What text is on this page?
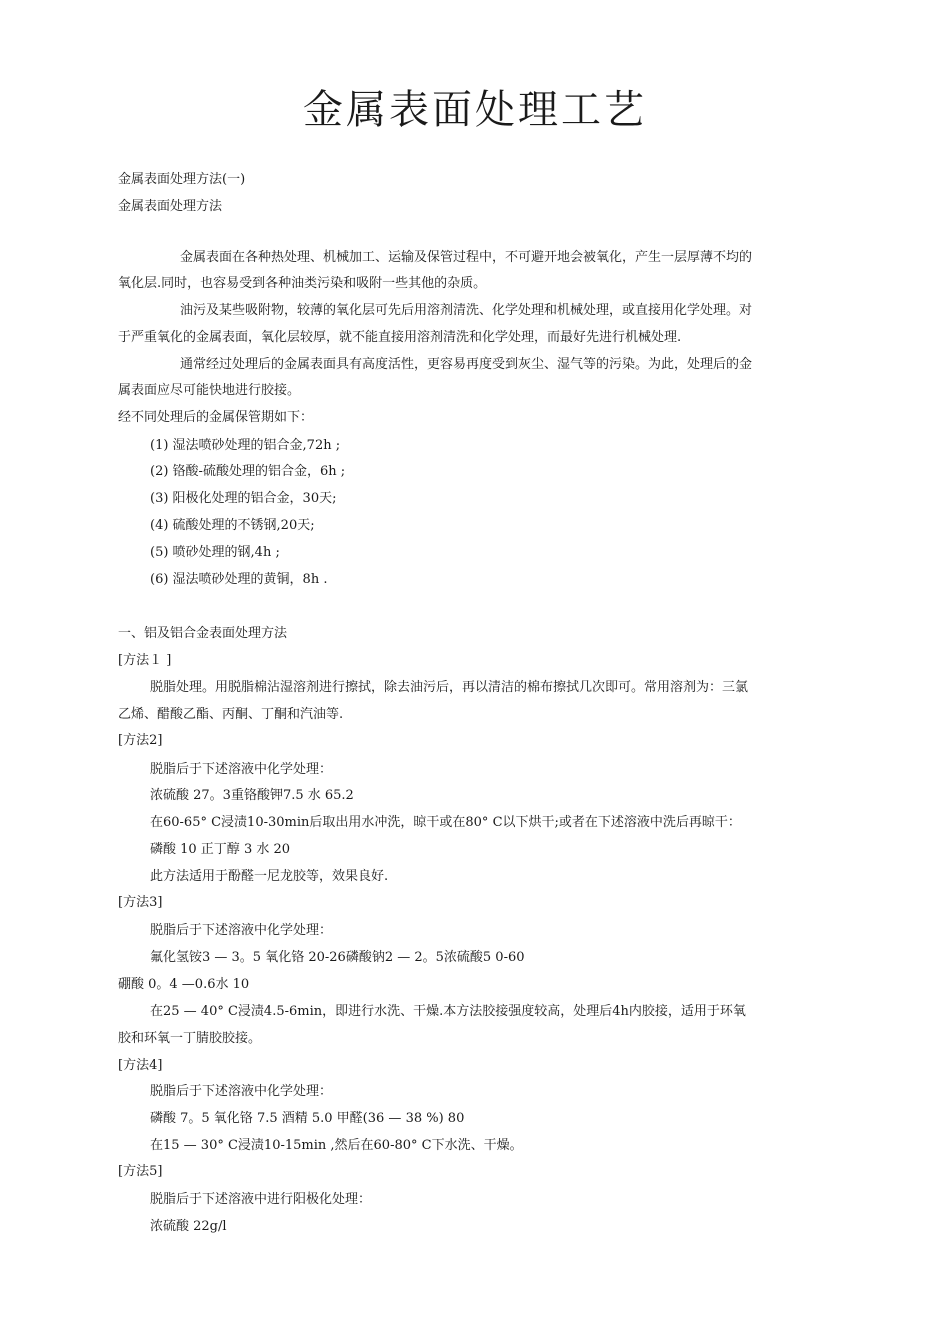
金属表面处理工艺
金属表面处理方法(一)
金属表面处理方法
金属表面在各种热处理、机械加工、运输及保管过程中，不可避开地会被氧化，产生一层厚薄不均的
氧化层.同时，也容易受到各种油类污染和吸附一些其他的杂质。
油污及某些吸附物，较薄的氧化层可先后用溶剂清洗、化学处理和机械处理，或直接用化学处理。对
于严重氧化的金属表面，氧化层较厚，就不能直接用溶剂清洗和化学处理，而最好先进行机械处理.
通常经过处理后的金属表面具有高度活性，更容易再度受到灰尘、湿气等的污染。为此，处理后的金
属表面应尽可能快地进行胶接。
经不同处理后的金属保管期如下：
(1) 湿法喷砂处理的铝合金,72h ;
(2) 铬酸-硫酸处理的铝合金，6h ;
(3) 阳极化处理的铝合金，30天;
(4) 硫酸处理的不锈钢,20天;
(5) 喷砂处理的钢,4h ;
(6) 湿法喷砂处理的黄铜，8h .
一、铝及铝合金表面处理方法
[方法１ ]
脱脂处理。用脱脂棉沾湿溶剂进行擦拭，除去油污后，再以清洁的棉布擦拭几次即可。常用溶剂为：三氯
乙烯、醋酸乙酯、丙酮、丁酮和汽油等.
[方法2]
脱脂后于下述溶液中化学处理：
浓硫酸 27。3重铬酸钾7.5 水 65.2
在60-65° C浸渍10-30min后取出用水冲洗，晾干或在80° C以下烘干;或者在下述溶液中洗后再晾干：
磷酸 10 正丁醇 3 水 20
此方法适用于酚醛一尼龙胶等，效果良好.
[方法3]
脱脂后于下述溶液中化学处理：
氟化氢铵3 — 3。5 氧化铬 20-26磷酸钠2 — 2。5浓硫酸5 0-60
硼酸 0。4 —0.6水 10
在25 — 40° C浸渍4.5-6min，即进行水洗、干燥.本方法胶接强度较高，处理后4h内胶接，适用于环氧
胶和环氧一丁腈胶胶接。
[方法4]
脱脂后于下述溶液中化学处理：
磷酸 7。5 氧化铬 7.5 酒精 5.0 甲醛(36 — 38 %) 80
在15 — 30° C浸渍10-15min ,然后在60-80° C下水洗、干燥。
[方法5]
脱脂后于下述溶液中进行阳极化处理：
浓硫酸 22g/l
